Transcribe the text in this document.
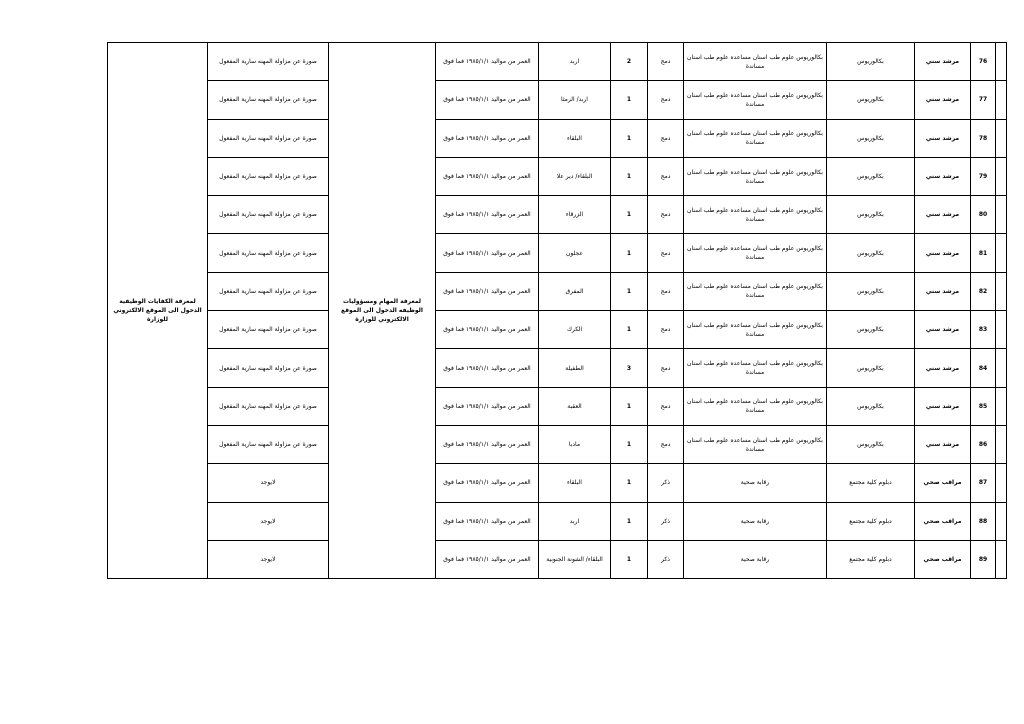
	76	مرشد سني	بكالوريوس	بكالوريوس علوم طب اسنان مساعده علوم طب اسنان مساندة	دمج	2	اربد	العمر من مواليد ١٩٨٥/١/١ فما فوق	لمعرفة المهام ومسؤوليات الوظيفه الدخول الى الموقع الالكتروني للوزارة	صورة عن مزاولة المهنه سارية المفعول	لمعرفة الكفايات الوظيفية الدخول الى الموقع الالكتروني للوزارة
	77	مرشد سني	بكالوريوس	بكالوريوس علوم طب اسنان مساعده علوم طب اسنان مساندة	دمج	1	اربد/ الرمثا	العمر من مواليد ١٩٨٥/١/١ فما فوق		صورة عن مزاولة المهنه سارية المفعول	
	78	مرشد سني	بكالوريوس	بكالوريوس علوم طب اسنان مساعده علوم طب اسنان مساندة	دمج	1	البلقاء	العمر من مواليد ١٩٨٥/١/١ فما فوق		صورة عن مزاولة المهنه سارية المفعول	
	79	مرشد سني	بكالوريوس	بكالوريوس علوم طب اسنان مساعده علوم طب اسنان مساندة	دمج	1	البلقاء/ دير علا	العمر من مواليد ١٩٨٥/١/١ فما فوق		صورة عن مزاولة المهنه سارية المفعول	
	80	مرشد سني	بكالوريوس	بكالوريوس علوم طب اسنان مساعده علوم طب اسنان مساندة	دمج	1	الزرقاء	العمر من مواليد ١٩٨٥/١/١ فما فوق		صورة عن مزاولة المهنه سارية المفعول	
	81	مرشد سني	بكالوريوس	بكالوريوس علوم طب اسنان مساعده علوم طب اسنان مساندة	دمج	1	عجلون	العمر من مواليد ١٩٨٥/١/١ فما فوق		صورة عن مزاولة المهنه سارية المفعول	
	82	مرشد سني	بكالوريوس	بكالوريوس علوم طب اسنان مساعده علوم طب اسنان مساندة	دمج	1	المفرق	العمر من مواليد ١٩٨٥/١/١ فما فوق		صورة عن مزاولة المهنه سارية المفعول	
	83	مرشد سني	بكالوريوس	بكالوريوس علوم طب اسنان مساعده علوم طب اسنان مساندة	دمج	1	الكرك	العمر من مواليد ١٩٨٥/١/١ فما فوق		صورة عن مزاولة المهنه سارية المفعول	
	84	مرشد سني	بكالوريوس	بكالوريوس علوم طب اسنان مساعده علوم طب اسنان مساندة	دمج	3	الطفيلة	العمر من مواليد ١٩٨٥/١/١ فما فوق		صورة عن مزاولة المهنه سارية المفعول	
	85	مرشد سني	بكالوريوس	بكالوريوس علوم طب اسنان مساعده علوم طب اسنان مساندة	دمج	1	العقبة	العمر من مواليد ١٩٨٥/١/١ فما فوق		صورة عن مزاولة المهنه سارية المفعول	
	86	مرشد سني	بكالوريوس	بكالوريوس علوم طب اسنان مساعده علوم طب اسنان مساندة	دمج	1	مادبا	العمر من مواليد ١٩٨٥/١/١ فما فوق		صورة عن مزاولة المهنه سارية المفعول	
	87	مراقب صحي	دبلوم كلية مجتمع	رقابة صحية	ذكر	1	البلقاء	العمر من مواليد ١٩٨٥/١/١ فما فوق		لايوجد	
	88	مراقب صحي	دبلوم كلية مجتمع	رقابة صحية	ذكر	1	اربد	العمر من مواليد ١٩٨٥/١/١ فما فوق		لايوجد	
	89	مراقب صحي	دبلوم كلية مجتمع	رقابة صحية	ذكر	1	البلقاء/ الشونة الجنوبية	العمر من مواليد ١٩٨٥/١/١ فما فوق		لايوجد	
